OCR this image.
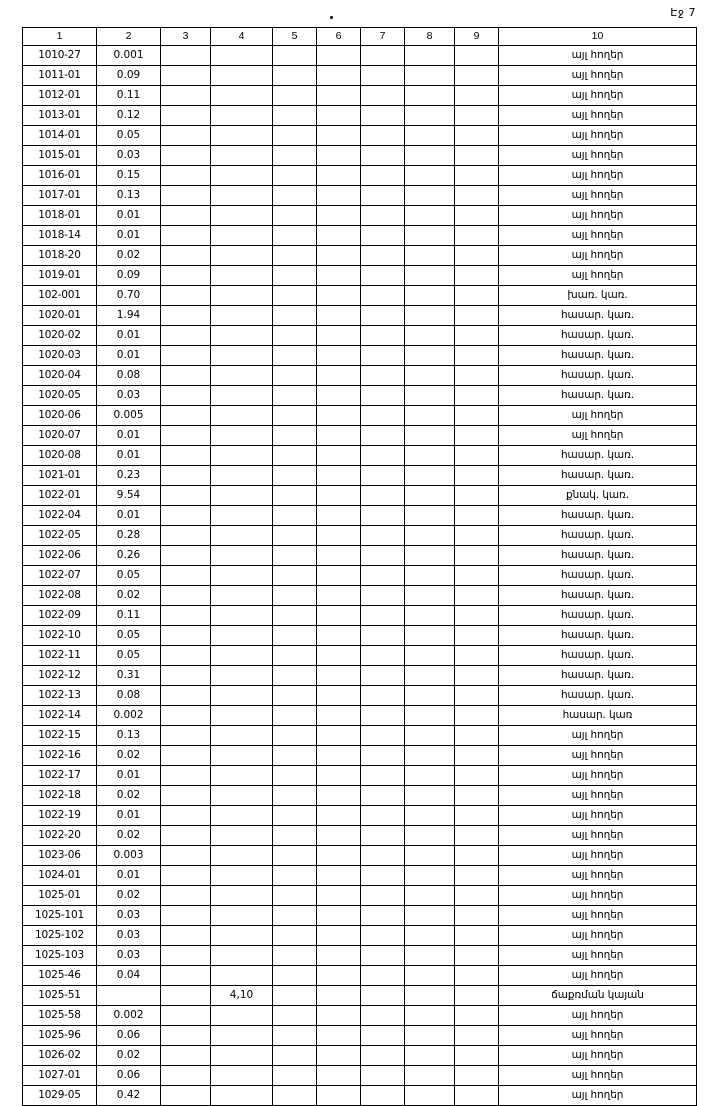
Էջ 7
1	2	3	4	5	6	7	8	9	10
1010-27	0.001								այլ հողեր
1011-01	0.09								այլ հողեր
1012-01	0.11								այլ հողեր
1013-01	0.12								այլ հողեր
1014-01	0.05								այլ հողեր
1015-01	0.03								այլ հողեր
1016-01	0.15								այլ հողեր
1017-01	0.13								այլ հողեր
1018-01	0.01								այլ հողեր
1018-14	0.01								այլ հողեր
1018-20	0.02								այլ հողեր
1019-01	0.09								այլ հողեր
102-001	0.70								խառ. կառ.
1020-01	1.94								հասար. կառ.
1020-02	0.01								հասար. կառ.
1020-03	0.01								հասար. կառ.
1020-04	0.08								հասար. կառ.
1020-05	0.03								հասար. կառ.
1020-06	0.005								այլ հողեր
1020-07	0.01								այլ հողեր
1020-08	0.01								հասար. կառ.
1021-01	0.23								հասար. կառ.
1022-01	9.54								քնակ. կառ.
1022-04	0.01								հասար. կառ.
1022-05	0.28								հասար. կառ.
1022-06	0.26								հասար. կառ.
1022-07	0.05								հասար. կառ.
1022-08	0.02								հասար. կառ.
1022-09	0.11								հասար. կառ.
1022-10	0.05								հասար. կառ.
1022-11	0.05								հասար. կառ.
1022-12	0.31								հասար. կառ.
1022-13	0.08								հասար. կառ.
1022-14	0.002								հասար. կառ
1022-15	0.13								այլ հողեր
1022-16	0.02								այլ հողեր
1022-17	0.01								այլ հողեր
1022-18	0.02								այլ հողեր
1022-19	0.01								այլ հողեր
1022-20	0.02								այլ հողեր
1023-06	0.003								այլ հողեր
1024-01	0.01								այլ հողեր
1025-01	0.02								այլ հողեր
1025-101	0.03								այլ հողեր
1025-102	0.03								այլ հողեր
1025-103	0.03								այլ հողեր
1025-46	0.04								այլ հողեր
1025-51			4,10						ճաքռման կայան
1025-58	0.002								այլ հողեր
1025-96	0.06								այլ հողեր
1026-02	0.02								այլ հողեր
1027-01	0.06								այլ հողեր
1029-05	0.42								այլ հողեր
